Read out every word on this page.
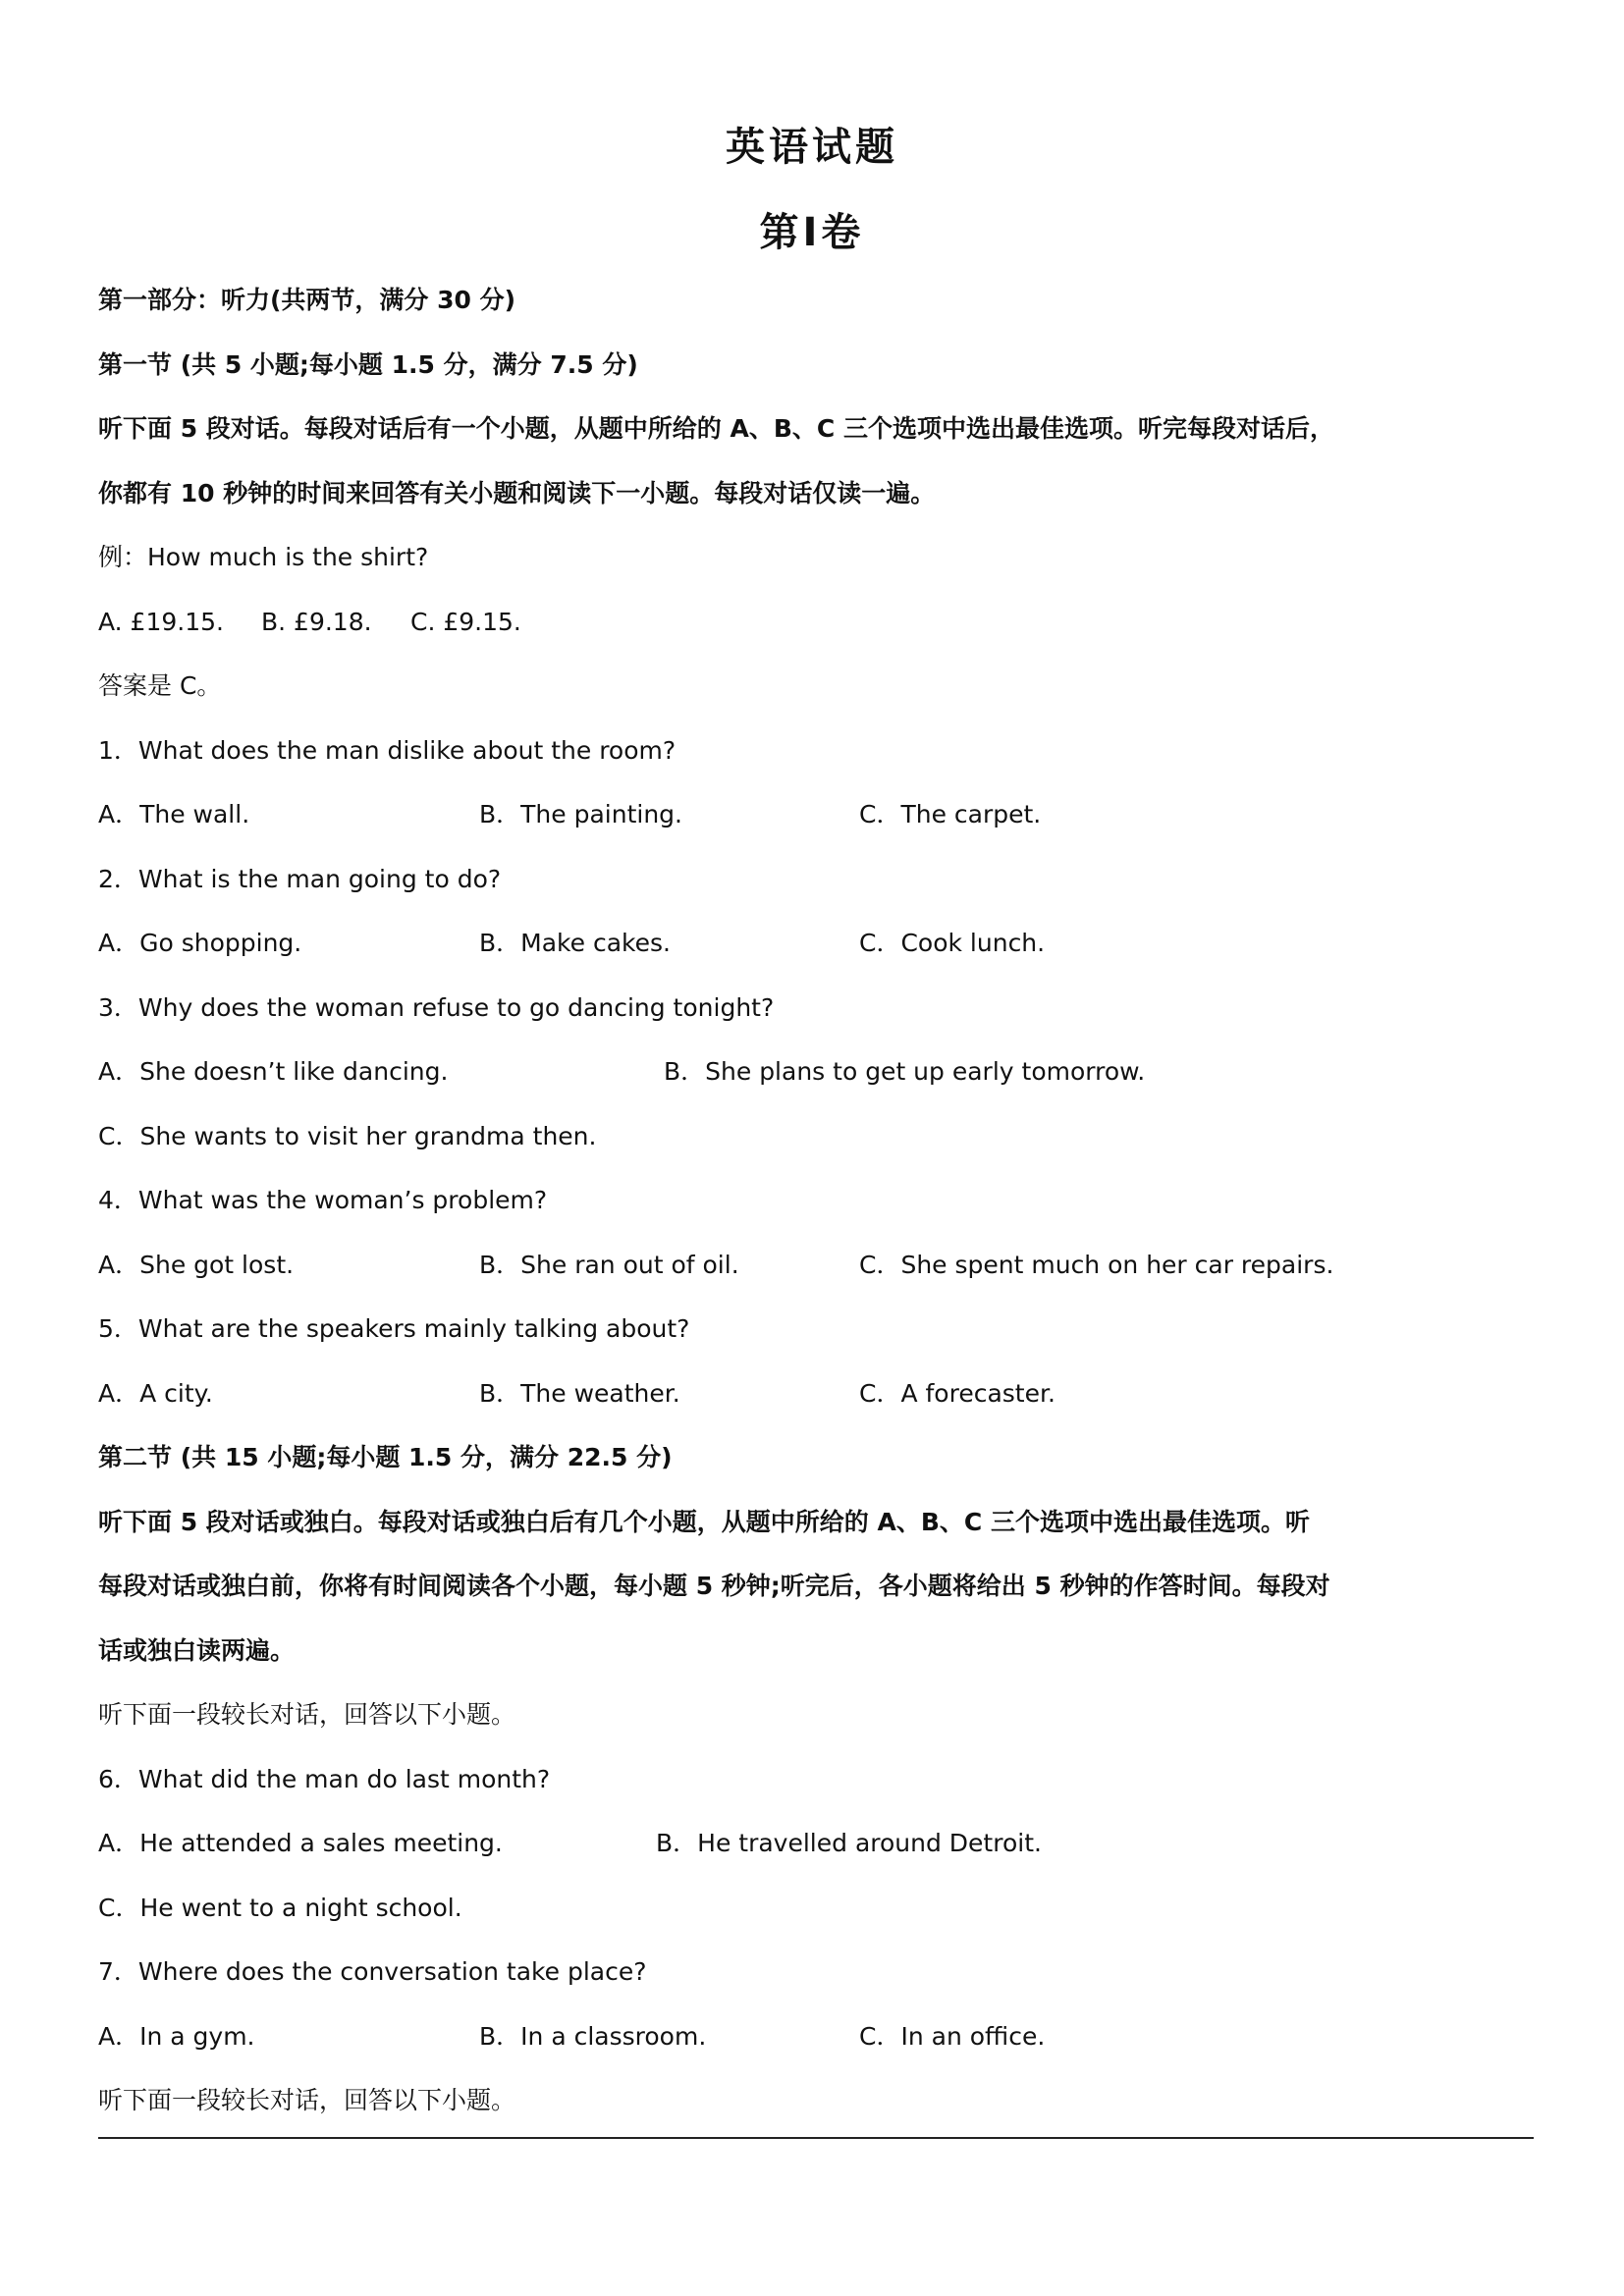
英语试题
第Ⅰ卷
第一部分：听力(共两节，满分 30 分)
第一节 (共 5 小题;每小题 1.5 分，满分 7.5 分)
听下面 5 段对话。每段对话后有一个小题，从题中所给的 A、B、C 三个选项中选出最佳选项。听完每段对话后，
你都有 10 秒钟的时间来回答有关小题和阅读下一小题。每段对话仅读一遍。
例：How much is the shirt?
A. £19.15. B. £9.18. C. £9.15.
答案是 C。
1．What does the man dislike about the room?
A．The wall.	B．The painting.	C．The carpet.
2．What is the man going to do?
A．Go shopping.	B．Make cakes.	C．Cook lunch.
3．Why does the woman refuse to go dancing tonight?
A．She doesn’t like dancing.	B．She plans to get up early tomorrow.
C．She wants to visit her grandma then.
4．What was the woman’s problem?
A．She got lost.	B．She ran out of oil.	C．She spent much on her car repairs.
5．What are the speakers mainly talking about?
A．A city.	B．The weather.	C．A forecaster.
第二节 (共 15 小题;每小题 1.5 分，满分 22.5 分)
听下面 5 段对话或独白。每段对话或独白后有几个小题，从题中所给的 A、B、C 三个选项中选出最佳选项。听
每段对话或独白前，你将有时间阅读各个小题，每小题 5 秒钟;听完后，各小题将给出 5 秒钟的作答时间。每段对
话或独白读两遍。
听下面一段较长对话，回答以下小题。
6．What did the man do last month?
A．He attended a sales meeting.	B．He travelled around Detroit.
C．He went to a night school.
7．Where does the conversation take place?
A．In a gym.	B．In a classroom.	C．In an office.
听下面一段较长对话，回答以下小题。
